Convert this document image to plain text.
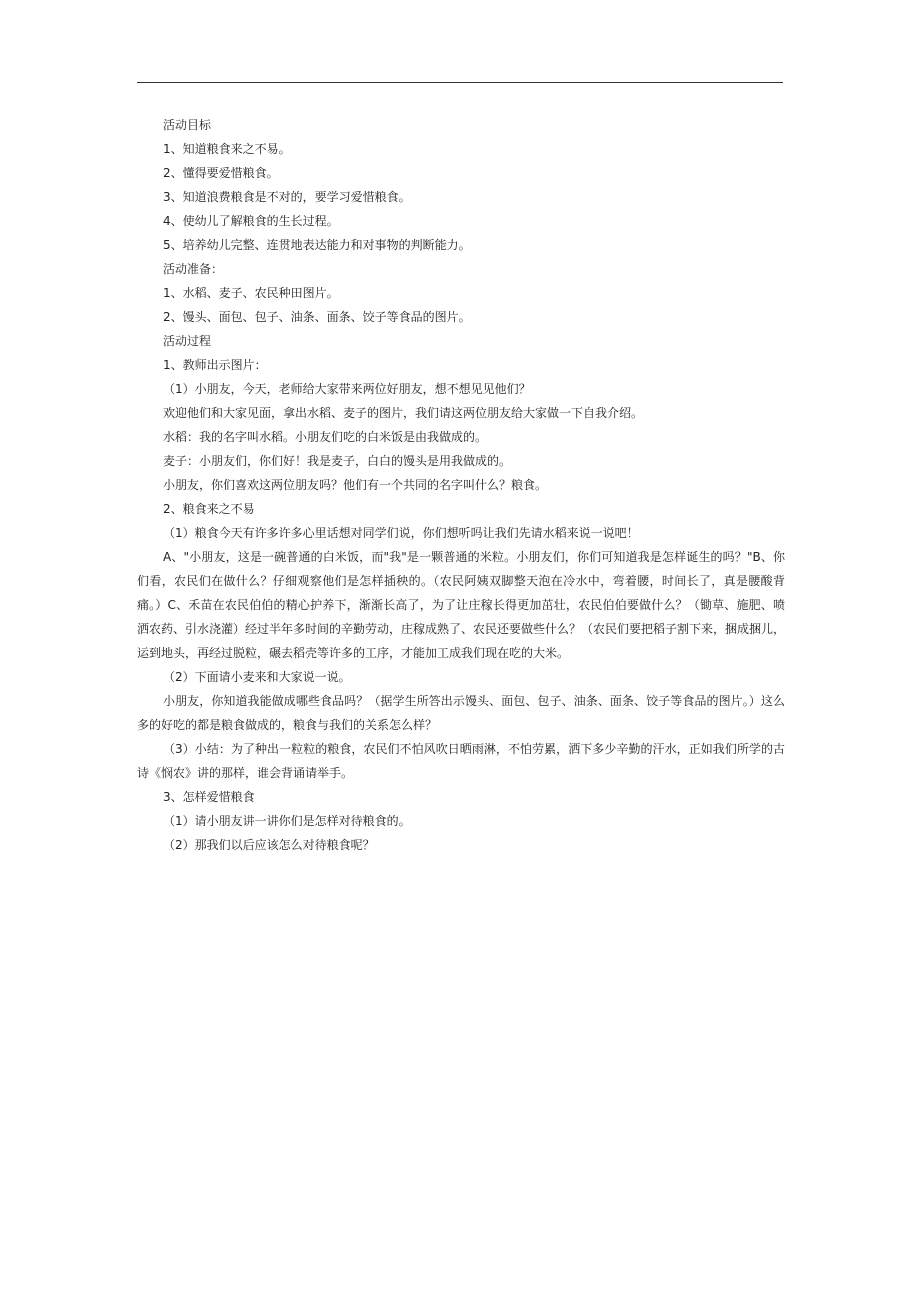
活动目标

1、知道粮食来之不易。

2、懂得要爱惜粮食。

3、知道浪费粮食是不对的，要学习爱惜粮食。

4、使幼儿了解粮食的生长过程。

5、培养幼儿完整、连贯地表达能力和对事物的判断能力。

活动准备：

1、水稻、麦子、农民种田图片。

2、馒头、面包、包子、油条、面条、饺子等食品的图片。

活动过程

1、教师出示图片：

（1）小朋友，今天，老师给大家带来两位好朋友，想不想见见他们？

欢迎他们和大家见面，拿出水稻、麦子的图片，我们请这两位朋友给大家做一下自我介绍。

水稻：我的名字叫水稻。小朋友们吃的白米饭是由我做成的。

麦子：小朋友们，你们好！我是麦子，白白的馒头是用我做成的。

小朋友，你们喜欢这两位朋友吗？他们有一个共同的名字叫什么？粮食。

2、粮食来之不易

（1）粮食今天有许多许多心里话想对同学们说，你们想听吗让我们先请水稻来说一说吧！

A、"小朋友，这是一碗普通的白米饭，而"我"是一颗普通的米粒。小朋友们，你们可知道我是怎样诞生的吗？"B、你们看，农民们在做什么？仔细观察他们是怎样插秧的。（农民阿姨双脚整天泡在冷水中，弯着腰，时间长了，真是腰酸背痛。）C、禾苗在农民伯伯的精心护养下，渐渐长高了，为了让庄稼长得更加茁壮，农民伯伯要做什么？（锄草、施肥、喷洒农药、引水浇灌）经过半年多时间的辛勤劳动，庄稼成熟了、农民还要做些什么？（农民们要把稻子割下来，捆成捆儿，运到地头，再经过脱粒，碾去稻壳等许多的工序，才能加工成我们现在吃的大米。

（2）下面请小麦来和大家说一说。

小朋友，你知道我能做成哪些食品吗？（据学生所答出示馒头、面包、包子、油条、面条、饺子等食品的图片。）这么多的好吃的都是粮食做成的，粮食与我们的关系怎么样？

（3）小结：为了种出一粒粒的粮食，农民们不怕风吹日晒雨淋，不怕劳累，洒下多少辛勤的汗水，正如我们所学的古诗《悯农》讲的那样，谁会背诵请举手。

3、怎样爱惜粮食

（1）请小朋友讲一讲你们是怎样对待粮食的。

（2）那我们以后应该怎么对待粮食呢？
